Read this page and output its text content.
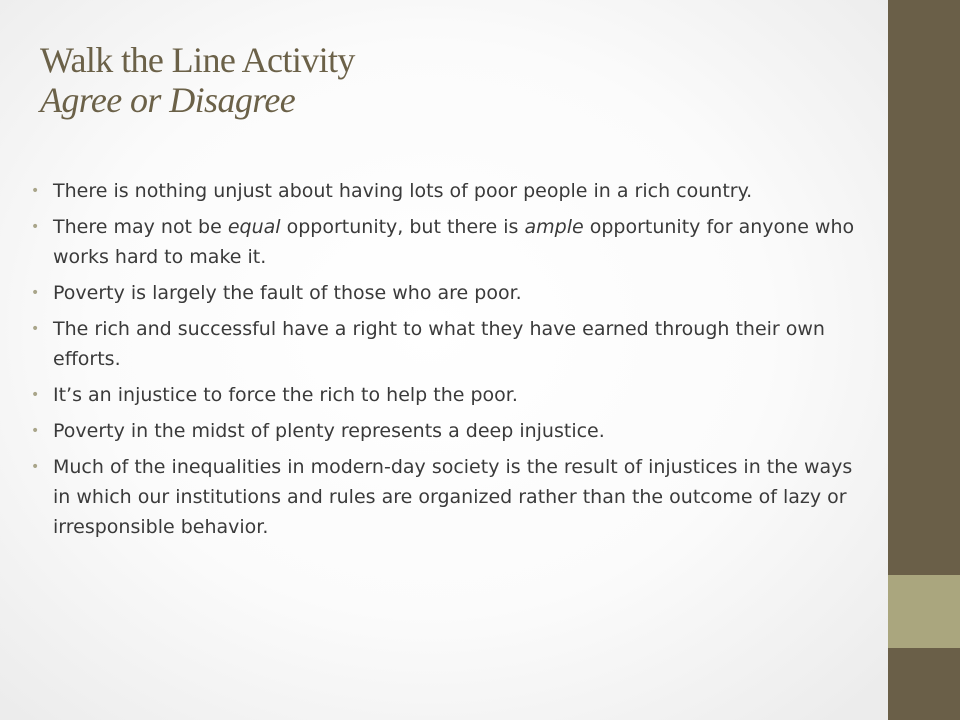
Walk the Line Activity
Agree or Disagree
• There is nothing unjust about having lots of poor people in a rich country.
• There may not be equal opportunity, but there is ample opportunity for anyone who works hard to make it.
• Poverty is largely the fault of those who are poor.
• The rich and successful have a right to what they have earned through their own efforts.
• It’s an injustice to force the rich to help the poor.
• Poverty in the midst of plenty represents a deep injustice.
• Much of the inequalities in modern-day society is the result of injustices in the ways in which our institutions and rules are organized rather than the outcome of lazy or irresponsible behavior.
